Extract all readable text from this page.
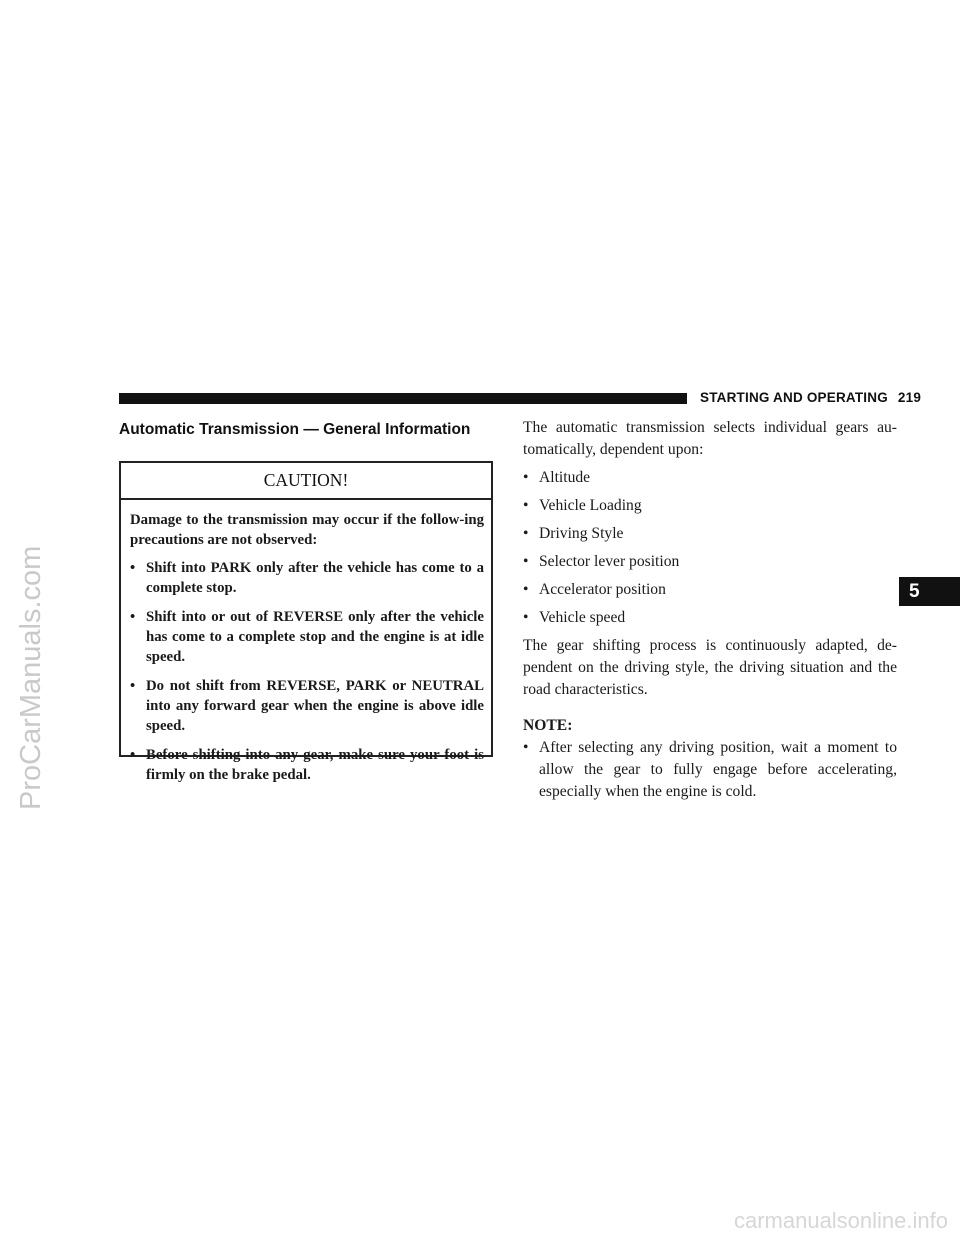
ProCarManuals.com
STARTING AND OPERATING 219
Automatic Transmission — General Information
CAUTION!

Damage to the transmission may occur if the follow-ing precautions are not observed:

• Shift into PARK only after the vehicle has come to a complete stop.
• Shift into or out of REVERSE only after the vehicle has come to a complete stop and the engine is at idle speed.
• Do not shift from REVERSE, PARK or NEUTRAL into any forward gear when the engine is above idle speed.
• Before shifting into any gear, make sure your foot is firmly on the brake pedal.

The automatic transmission selects individual gears au-tomatically, dependent upon:

• Altitude
• Vehicle Loading
• Driving Style
• Selector lever position
• Accelerator position
• Vehicle speed

The gear shifting process is continuously adapted, de-pendent on the driving style, the driving situation and the road characteristics.

NOTE:

• After selecting any driving position, wait a moment to allow the gear to fully engage before accelerating, especially when the engine is cold.
5
carmanualsonline.info
